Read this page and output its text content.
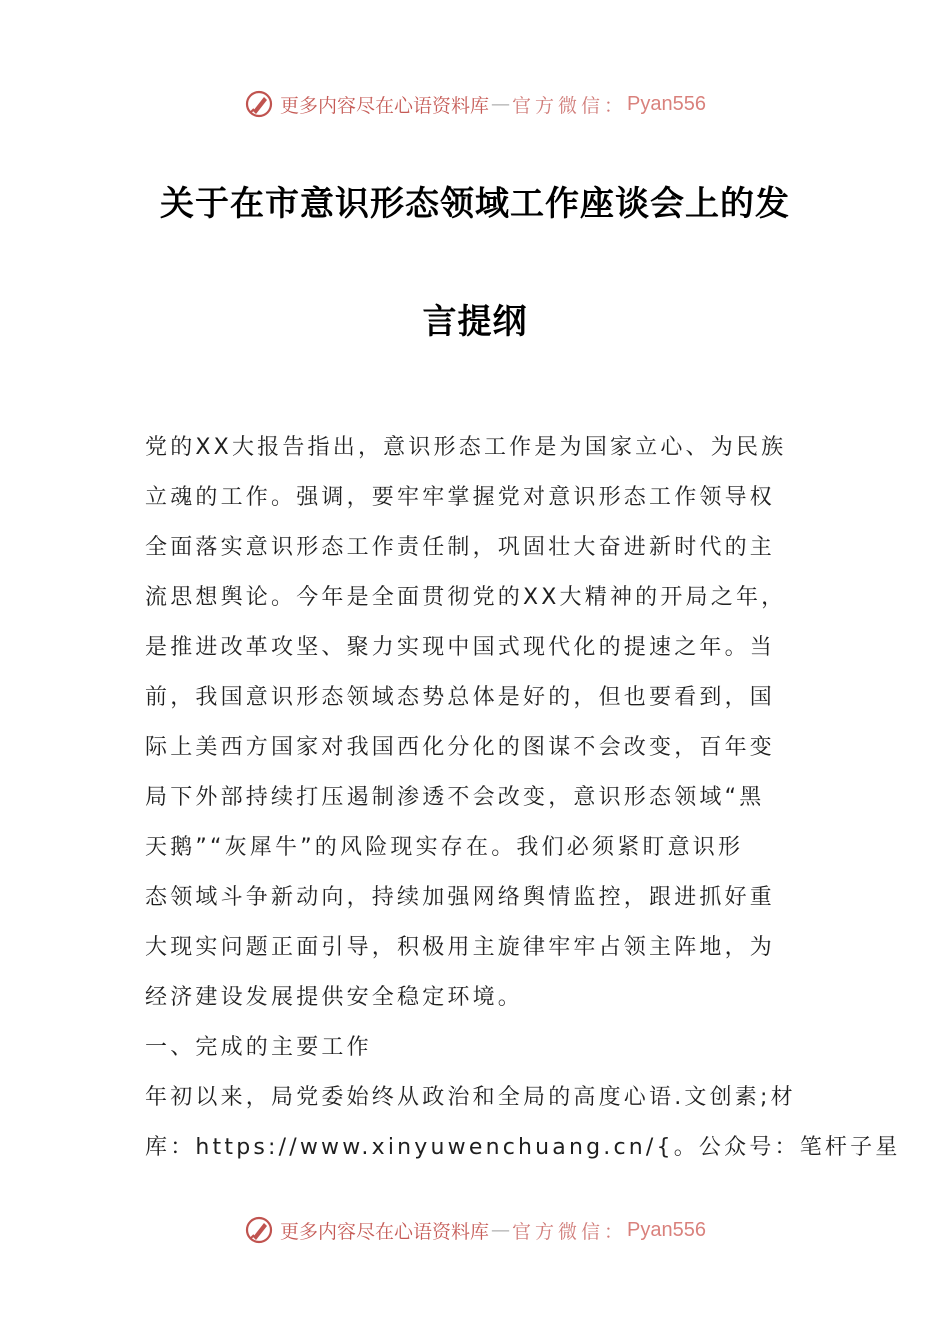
更多内容尽在心语资料库 — 官方微信： Pyan556
关于在市意识形态领域工作座谈会上的发
言提纲
党的XX大报告指出，意识形态工作是为国家立心、为民族
立魂的工作。强调，要牢牢掌握党对意识形态工作领导权
全面落实意识形态工作责任制，巩固壮大奋进新时代的主
流思想舆论。今年是全面贯彻党的XX大精神的开局之年，
是推进改革攻坚、聚力实现中国式现代化的提速之年。当
前，我国意识形态领域态势总体是好的，但也要看到，国
际上美西方国家对我国西化分化的图谋不会改变，百年变
局下外部持续打压遏制渗透不会改变，意识形态领域“黑
天鹅”“灰犀牛”的风险现实存在。我们必须紧盯意识形
态领域斗争新动向，持续加强网络舆情监控，跟进抓好重
大现实问题正面引导，积极用主旋律牢牢占领主阵地，为
经济建设发展提供安全稳定环境。
一、完成的主要工作
年初以来，局党委始终从政治和全局的高度心语.文创素;材
库：https://www.xinyuwenchuang.cn/{。公众号：笔杆子星
更多内容尽在心语资料库 — 官方微信： Pyan556
